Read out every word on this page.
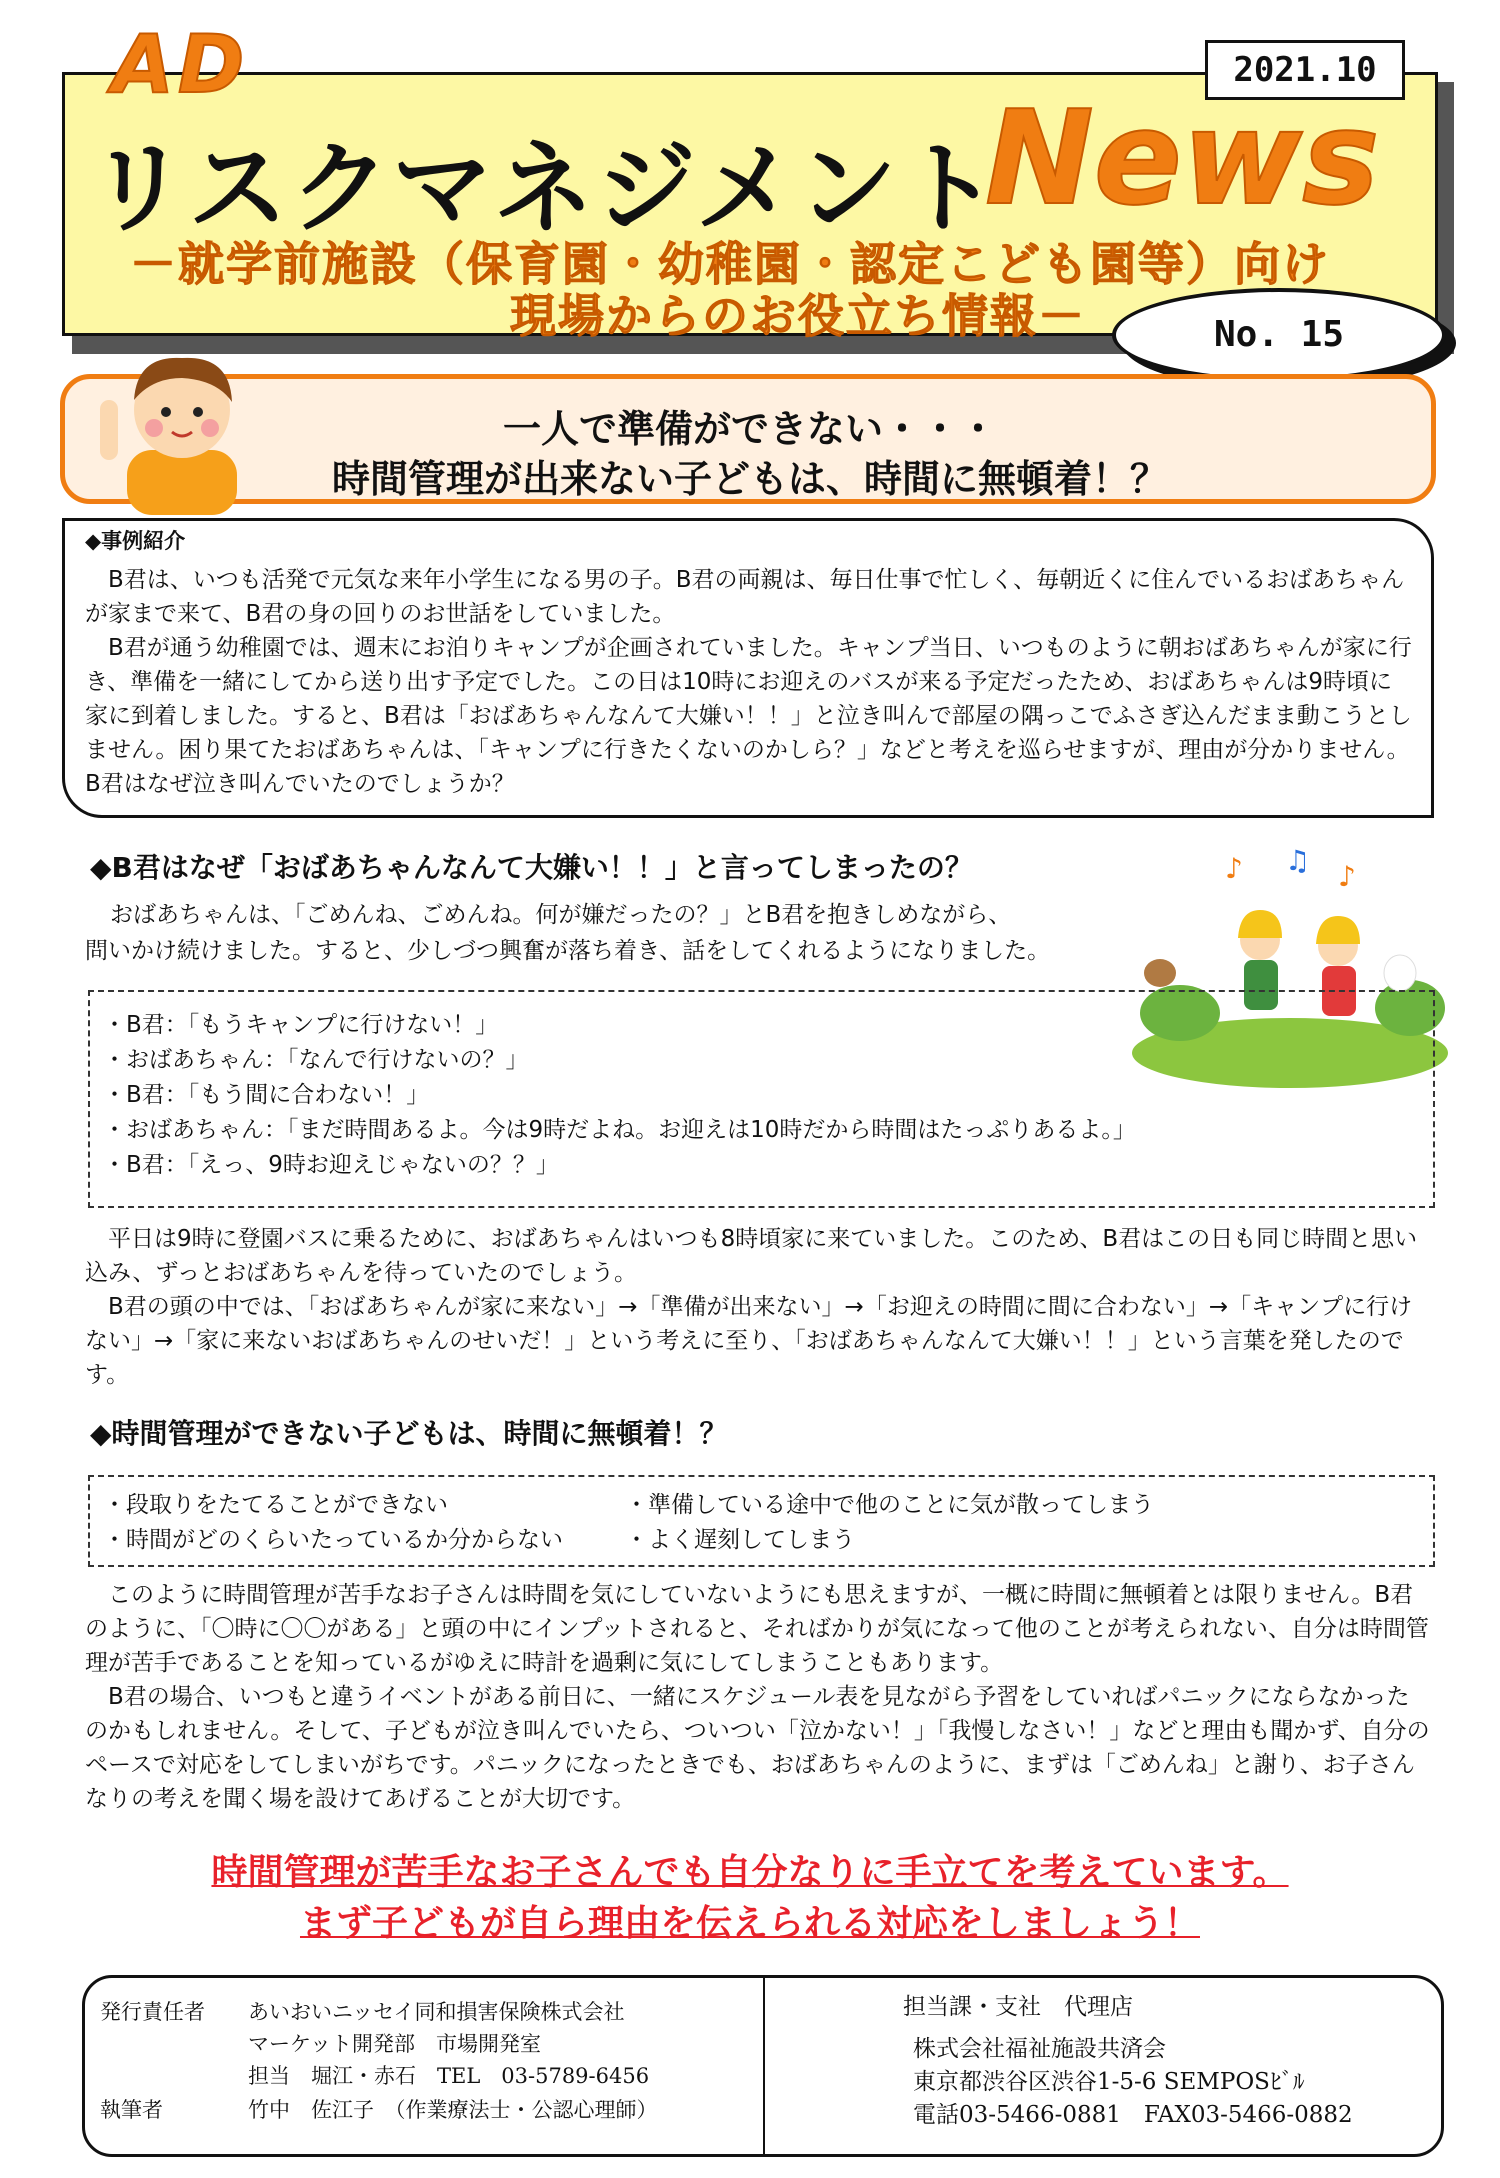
2021.10
AD
リスクマネジメント
News
－就学前施設（保育園・幼稚園・認定こども園等）向け
現場からのお役立ち情報－	No. 15
一人で準備ができない・・・
時間管理が出来ない子どもは、時間に無頓着！？
◆事例紹介
B君は、いつも活発で元気な来年小学生になる男の子。B君の両親は、毎日仕事で忙しく、毎朝近くに住んでいるおばあちゃんが家まで来て、B君の身の回りのお世話をしていました。
B君が通う幼稚園では、週末にお泊りキャンプが企画されていました。キャンプ当日、いつものように朝おばあちゃんが家に行き、準備を一緒にしてから送り出す予定でした。この日は10時にお迎えのバスが来る予定だったため、おばあちゃんは9時頃に家に到着しました。すると、B君は「おばあちゃんなんて大嫌い！！」と泣き叫んで部屋の隅っこでふさぎ込んだまま動こうとしません。困り果てたおばあちゃんは、「キャンプに行きたくないのかしら？」などと考えを巡らせますが、理由が分かりません。B君はなぜ泣き叫んでいたのでしょうか？
◆B君はなぜ「おばあちゃんなんて大嫌い！！」と言ってしまったの？	♪ ♫ ♪
おばあちゃんは、「ごめんね、ごめんね。何が嫌だったの？」とB君を抱きしめながら、
問いかけ続けました。すると、少しづつ興奮が落ち着き、話をしてくれるようになりました。
・B君：「もうキャンプに行けない！」
・おばあちゃん：「なんで行けないの？」
・B君：「もう間に合わない！」
・おばあちゃん：「まだ時間あるよ。今は9時だよね。お迎えは10時だから時間はたっぷりあるよ。」
・B君：「えっ、9時お迎えじゃないの？？」
平日は9時に登園バスに乗るために、おばあちゃんはいつも8時頃家に来ていました。このため、B君はこの日も同じ時間と思い込み、ずっとおばあちゃんを待っていたのでしょう。
B君の頭の中では、「おばあちゃんが家に来ない」→「準備が出来ない」→「お迎えの時間に間に合わない」→「キャンプに行けない」→「家に来ないおばあちゃんのせいだ！」という考えに至り、「おばあちゃんなんて大嫌い！！」という言葉を発したのです。
◆時間管理ができない子どもは、時間に無頓着！？
・段取りをたてることができない	・準備している途中で他のことに気が散ってしまう
・時間がどのくらいたっているか分からない	・よく遅刻してしまう
このように時間管理が苦手なお子さんは時間を気にしていないようにも思えますが、一概に時間に無頓着とは限りません。B君のように、「〇時に〇〇がある」と頭の中にインプットされると、そればかりが気になって他のことが考えられない、自分は時間管理が苦手であることを知っているがゆえに時計を過剰に気にしてしまうこともあります。
B君の場合、いつもと違うイベントがある前日に、一緒にスケジュール表を見ながら予習をしていればパニックにならなかったのかもしれません。そして、子どもが泣き叫んでいたら、ついつい「泣かない！」「我慢しなさい！」などと理由も聞かず、自分のペースで対応をしてしまいがちです。パニックになったときでも、おばあちゃんのように、まずは「ごめんね」と謝り、お子さんなりの考えを聞く場を設けてあげることが大切です。
時間管理が苦手なお子さんでも自分なりに手立てを考えています。
まず子どもが自ら理由を伝えられる対応をしましょう！
発行責任者 あいおいニッセイ同和損害保険株式会社
マーケット開発部　市場開発室
担当　堀江・赤石　TEL　03-5789-6456
執筆者	竹中　佐江子　（作業療法士・公認心理師）
担当課・支社　代理店
株式会社福祉施設共済会
東京都渋谷区渋谷1-5-6 SEMPOSﾋﾞﾙ
電話03-5466-0881　FAX03-5466-0882
